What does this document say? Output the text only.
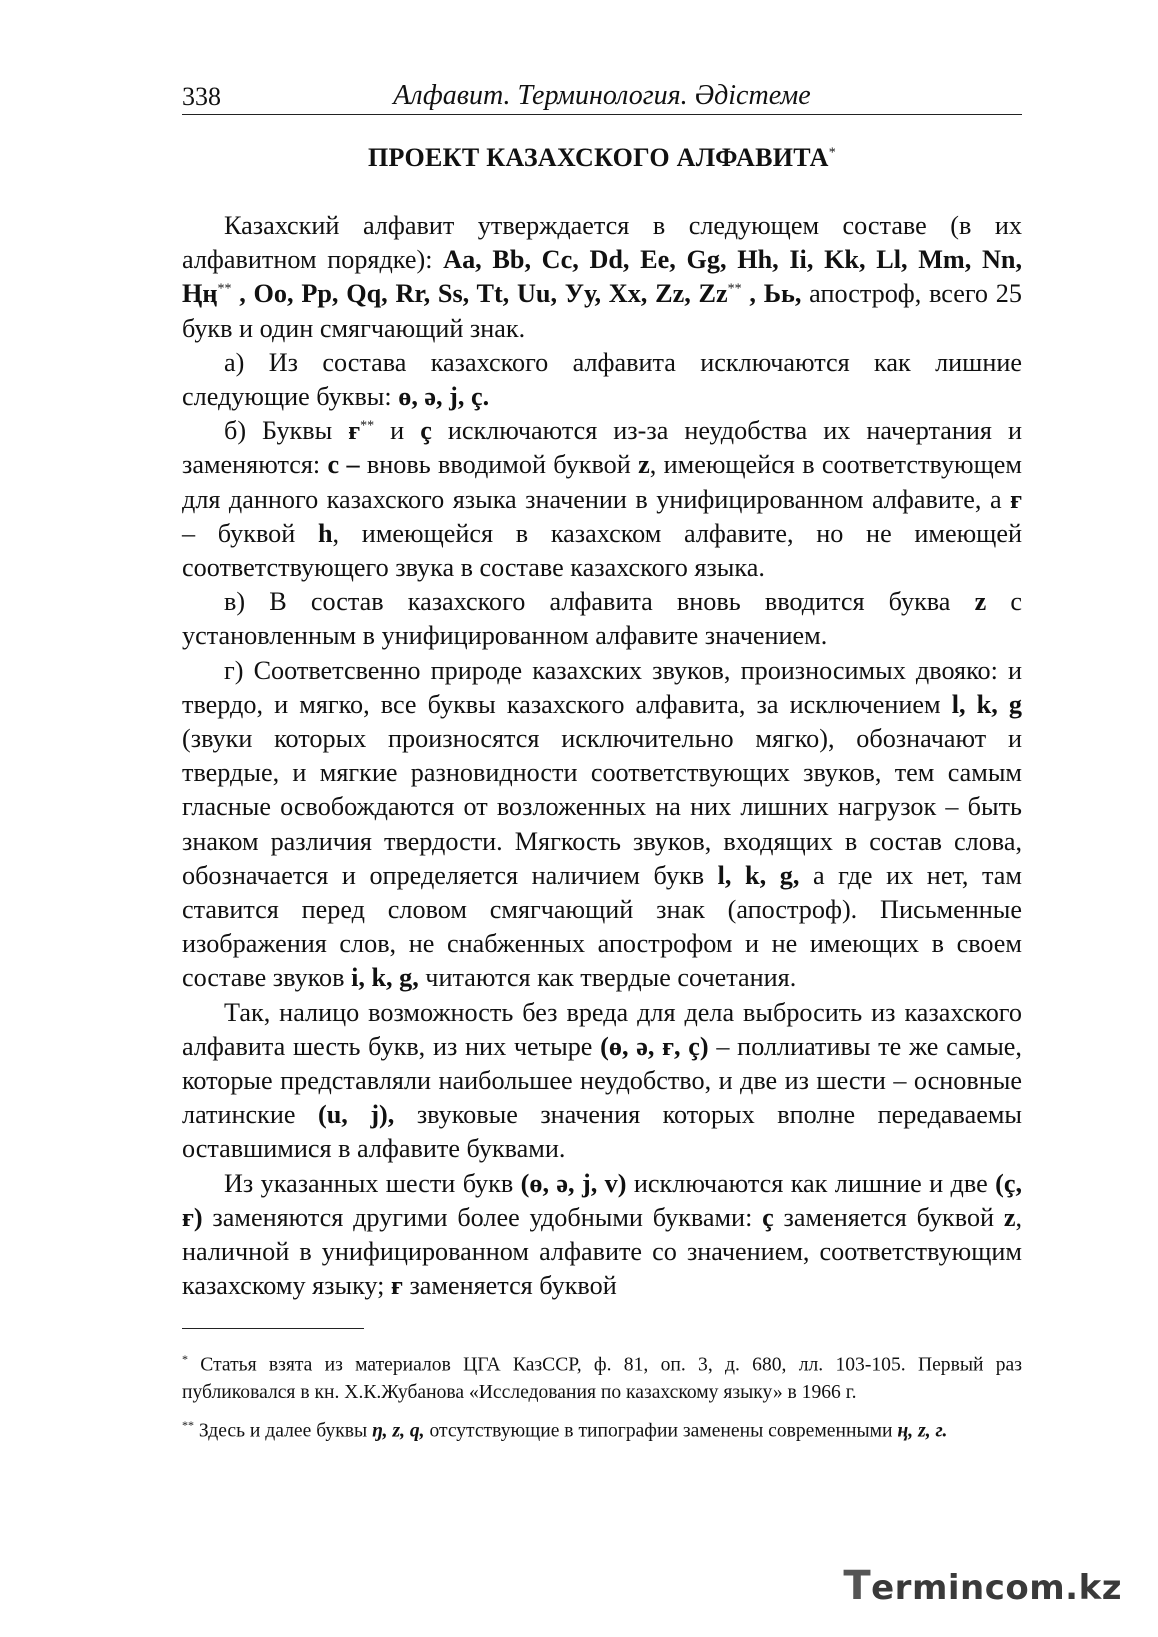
338	Алфавит. Терминология. Әдістеме
ПРОЕКТ КАЗАХСКОГО АЛФАВИТА*

Казахский алфавит утверждается в следующем составе (в их алфавитном порядке): Aa, Bb, Cc, Dd, Ee, Gg, Hh, Ii, Kk, Ll, Mm, Nn, Ңң** , Oo, Pp, Qq, Rr, Ss, Tt, Uu, Уу, Xx, Zz, Zz** , Ьь, апостроф, всего 25 букв и один смягчающий знак.

а) Из состава казахского алфавита исключаются как лишние следующие буквы: ө, ə, j, ç.

б) Буквы ғ** и ç исключаются из-за неудобства их начертания и заменяются: c – вновь вводимой буквой z, имеющейся в соответствующем для данного казахского языка значении в унифицированном алфавите, а ғ – буквой h, имеющейся в казахском алфавите, но не имеющей соответствующего звука в составе казахского языка.

в) В состав казахского алфавита вновь вводится буква z с установленным в унифицированном алфавите значением.

г) Соответсвенно природе казахских звуков, произносимых двояко: и твердо, и мягко, все буквы казахского алфавита, за исключением l, k, g (звуки которых произносятся исключительно мягко), обозначают и твердые, и мягкие разновидности соответствующих звуков, тем самым гласные освобождаются от возложенных на них лишних нагрузок – быть знаком различия твердости. Мягкость звуков, входящих в состав слова, обозначается и определяется наличием букв l, k, g, а где их нет, там ставится перед словом смягчающий знак (апостроф). Письменные изображения слов, не снабженных апострофом и не имеющих в своем составе звуков i, k, g, читаются как твердые сочетания.

Так, налицо возможность без вреда для дела выбросить из казахского алфавита шесть букв, из них четыре (ө, ə, ғ, ç) – поллиативы те же самые, которые представляли наибольшее неудобство, и две из шести – основные латинские (u, j), звуковые значения которых вполне передаваемы оставшимися в алфавите буквами.

Из указанных шести букв (ө, ə, j, v) исключаются как лишние и две (ç, ғ) заменяются другими более удобными буквами: ç заменяется буквой z, наличной в унифицированном алфавите со значением, соответствующим казахскому языку; ғ заменяется буквой

* Статья взята из материалов ЦГА КазССР, ф. 81, оп. 3, д. 680, лл. 103-105. Первый раз публиковался в кн. Х.К.Жубанова «Исследования по казахскому языку» в 1966 г.

** Здесь и далее буквы ŋ, z, q, отсутствующие в типографии заменены современными ң, z, г.

Termincom.kz
